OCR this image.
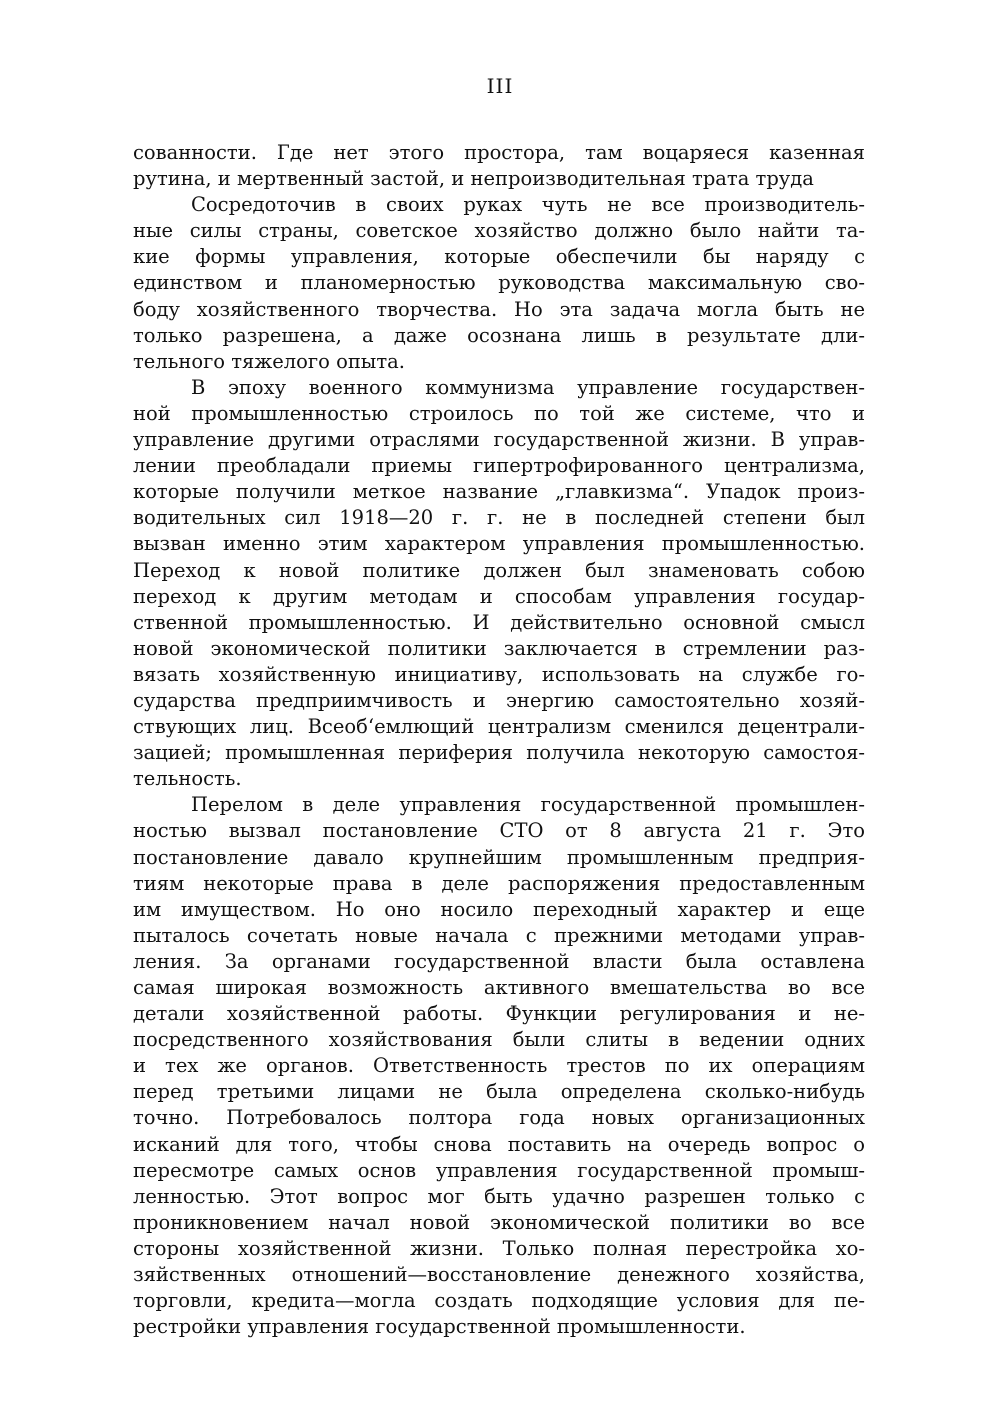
III

сованности. Где нет этого простора, там воцаряеся казенная

рутина, и мертвенный застой, и непроизводительная трата труда

Сосредоточив в своих руках чуть не все производитель-

ные силы страны, советское хозяйство должно было найти та-

кие формы управления, которые обеспечили бы наряду с

единством и планомерностью руководства максимальную сво-

боду хозяйственного творчества. Но эта задача могла быть не

только разрешена, а даже осознана лишь в результате дли-

тельного тяжелого опыта.

В эпоху военного коммунизма управление государствен-

ной промышленностью строилось по той же системе, что и

управление другими отраслями государственной жизни. В управ-

лении преобладали приемы гипертрофированного централизма,

которые получили меткое название „главкизма“. Упадок произ-

водительных сил 1918—20 г. г. не в последней степени был

вызван именно этим характером управления промышленностью.

Переход к новой политике должен был знаменовать собою

переход к другим методам и способам управления государ-

ственной промышленностью. И действительно основной смысл

новой экономической политики заключается в стремлении раз-

вязать хозяйственную инициативу, использовать на службе го-

сударства предприимчивость и энергию самостоятельно хозяй-

ствующих лиц. Всеоб‘емлющий централизм сменился децентрали-

зацией; промышленная периферия получила некоторую самостоя-

тельность.

Перелом в деле управления государственной промышлен-

ностью вызвал постановление СТО от 8 августа 21 г. Это

постановление давало крупнейшим промышленным предприя-

тиям некоторые права в деле распоряжения предоставленным

им имуществом. Но оно носило переходный характер и еще

пыталось сочетать новые начала с прежними методами управ-

ления. За органами государственной власти была оставлена

самая широкая возможность активного вмешательства во все

детали хозяйственной работы. Функции регулирования и не-

посредственного хозяйствования были слиты в ведении одних

и тех же органов. Ответственность трестов по их операциям

перед третьими лицами не была определена сколько-нибудь

точно. Потребовалось полтора года новых организационных

исканий для того, чтобы снова поставить на очередь вопрос о

пересмотре самых основ управления государственной промыш-

ленностью. Этот вопрос мог быть удачно разрешен только с

проникновением начал новой экономической политики во все

стороны хозяйственной жизни. Только полная перестройка хо-

зяйственных отношений—восстановление денежного хозяйства,

торговли, кредита—могла создать подходящие условия для пе-

рестройки управления государственной промышленности.
